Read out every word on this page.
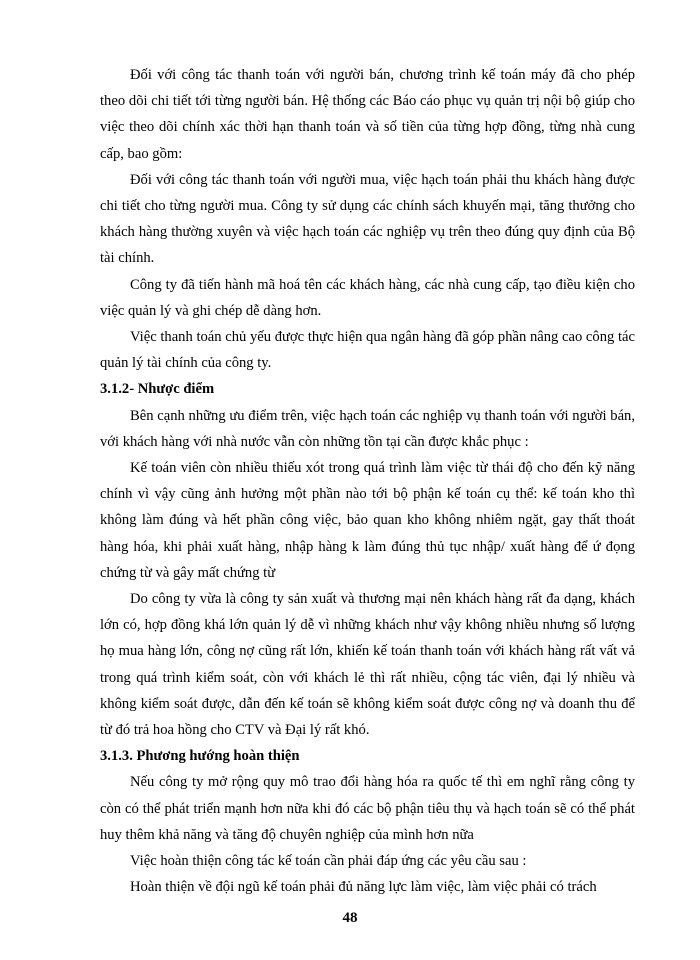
Đối với công tác thanh toán với người bán, chương trình kế toán máy đã cho phép theo dõi chi tiết tới từng người bán. Hệ thống các Báo cáo phục vụ quản trị nội bộ giúp cho việc theo dõi chính xác thời hạn thanh toán và số tiền của từng hợp đồng, từng nhà cung cấp, bao gồm:

Đối với công tác thanh toán với người mua, việc hạch toán phải thu khách hàng được chi tiết cho từng người mua. Công ty sử dụng các chính sách khuyến mại, tăng thưởng cho khách hàng thường xuyên và việc hạch toán các nghiệp vụ trên theo đúng quy định của Bộ tài chính.

Công ty đã tiến hành mã hoá tên các khách hàng, các nhà cung cấp, tạo điều kiện cho việc quản lý và ghi chép dễ dàng hơn.

Việc thanh toán chủ yếu được thực hiện qua ngân hàng đã góp phần nâng cao công tác quản lý tài chính của công ty.

3.1.2- Nhược điểm

Bên cạnh những ưu điểm trên, việc hạch toán các nghiệp vụ thanh toán với người bán, với khách hàng với nhà nước vẫn còn những tồn tại cần được khắc phục :

Kế toán viên còn nhiều thiếu xót trong quá trình làm việc từ thái độ cho đến kỹ năng chính vì vậy cũng ảnh hưởng một phần nào tới bộ phận kế toán cụ thể: kế toán kho thì không làm đúng và hết phần công việc, bảo quan kho không nhiêm ngặt, gay thất thoát hàng hóa, khi phải xuất hàng, nhập hàng k làm đúng thủ tục nhập/ xuất hàng để ứ đọng chứng từ và gây mất chứng từ

Do công ty vừa là công ty sản xuất và thương mại nên khách hàng rất đa dạng, khách lớn có, hợp đồng khá lớn quản lý dễ vì những khách như vậy không nhiều nhưng số lượng họ mua hàng lớn, công nợ cũng rất lớn, khiến kế toán thanh toán với khách hàng rất vất vả trong quá trình kiểm soát, còn với khách lẻ thì rất nhiều, cộng tác viên, đại lý nhiều và không kiểm soát được, dẫn đến kế toán sẽ không kiểm soát được công nợ và doanh thu để từ đó trả hoa hồng cho CTV và Đại lý rất khó.

3.1.3. Phương hướng hoàn thiện

Nếu công ty mở rộng quy mô trao đổi hàng hóa ra quốc tế thì em nghĩ rằng công ty còn có thể phát triển mạnh hơn nữa khi đó các bộ phận tiêu thụ và hạch toán sẽ có thể phát huy thêm khả năng và tăng độ chuyên nghiệp của mình hơn nữa

Việc hoàn thiện công tác kế toán cần phải đáp ứng các yêu cầu sau :

Hoàn thiện về đội ngũ kế toán phải đủ năng lực làm việc, làm việc phải có trách

48
